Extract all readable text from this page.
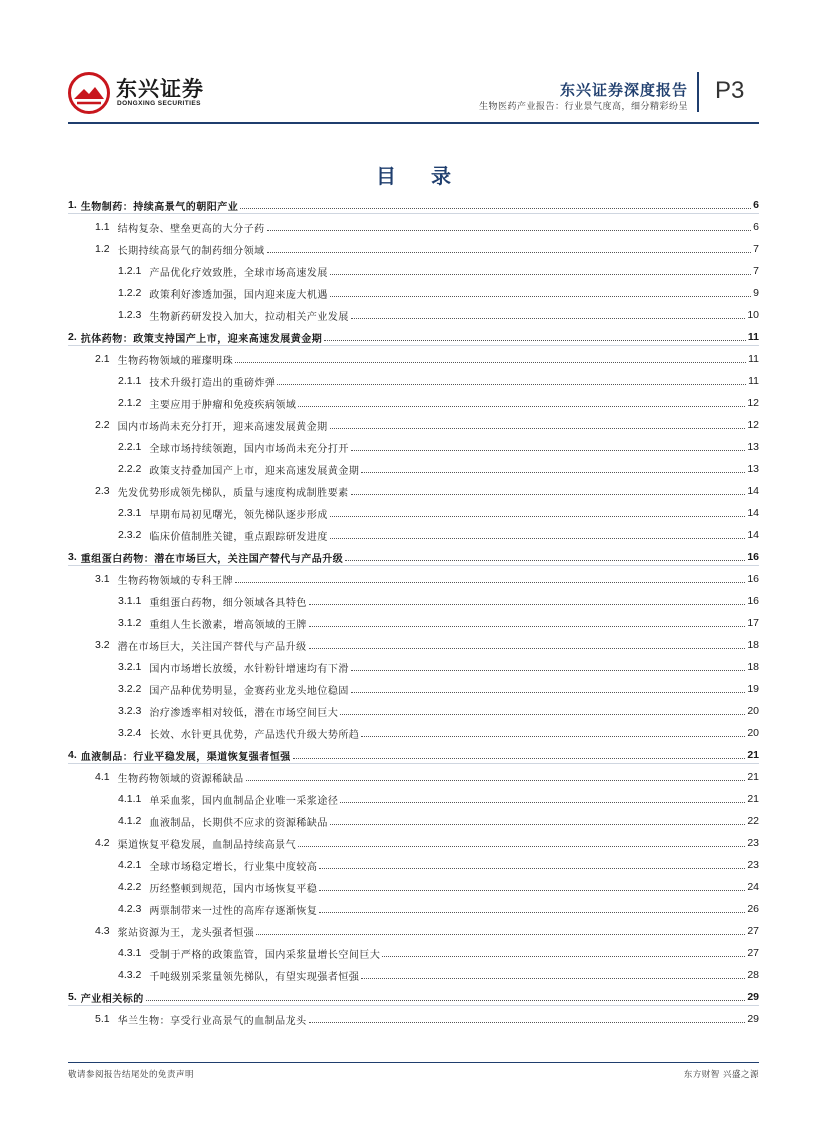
东兴证券
DONGXING SECURITIES
东兴证券深度报告
生物医药产业报告：行业景气度高，细分精彩纷呈
P3
目 录
1. 生物制药：持续高景气的朝阳产业	6
1.1 结构复杂、壁垒更高的大分子药	6
1.2 长期持续高景气的制药细分领域	7
1.2.1 产品优化疗效致胜，全球市场高速发展	7
1.2.2 政策利好渗透加强，国内迎来庞大机遇	9
1.2.3 生物新药研发投入加大，拉动相关产业发展	10
2. 抗体药物：政策支持国产上市，迎来高速发展黄金期	11
2.1 生物药物领域的璀璨明珠	11
2.1.1 技术升级打造出的重磅炸弹	11
2.1.2 主要应用于肿瘤和免疫疾病领域	12
2.2 国内市场尚未充分打开，迎来高速发展黄金期	12
2.2.1 全球市场持续领跑，国内市场尚未充分打开	13
2.2.2 政策支持叠加国产上市，迎来高速发展黄金期	13
2.3 先发优势形成领先梯队，质量与速度构成制胜要素	14
2.3.1 早期布局初见曙光，领先梯队逐步形成	14
2.3.2 临床价值制胜关键，重点跟踪研发进度	14
3. 重组蛋白药物：潜在市场巨大，关注国产替代与产品升级	16
3.1 生物药物领域的专科王牌	16
3.1.1 重组蛋白药物，细分领域各具特色	16
3.1.2 重组人生长激素，增高领域的王牌	17
3.2 潜在市场巨大，关注国产替代与产品升级	18
3.2.1 国内市场增长放缓，水针粉针增速均有下滑	18
3.2.2 国产品种优势明显，金赛药业龙头地位稳固	19
3.2.3 治疗渗透率相对较低，潜在市场空间巨大	20
3.2.4 长效、水针更具优势，产品迭代升级大势所趋	20
4. 血液制品：行业平稳发展，渠道恢复强者恒强	21
4.1 生物药物领域的资源稀缺品	21
4.1.1 单采血浆，国内血制品企业唯一采浆途径	21
4.1.2 血液制品，长期供不应求的资源稀缺品	22
4.2 渠道恢复平稳发展，血制品持续高景气	23
4.2.1 全球市场稳定增长，行业集中度较高	23
4.2.2 历经整顿到规范，国内市场恢复平稳	24
4.2.3 两票制带来一过性的高库存逐渐恢复	26
4.3 浆站资源为王，龙头强者恒强	27
4.3.1 受制于严格的政策监管，国内采浆量增长空间巨大	27
4.3.2 千吨级别采浆量领先梯队，有望实现强者恒强	28
5. 产业相关标的	29
5.1 华兰生物：享受行业高景气的血制品龙头	29
敬请参阅报告结尾处的免责声明	东方财智 兴盛之源
